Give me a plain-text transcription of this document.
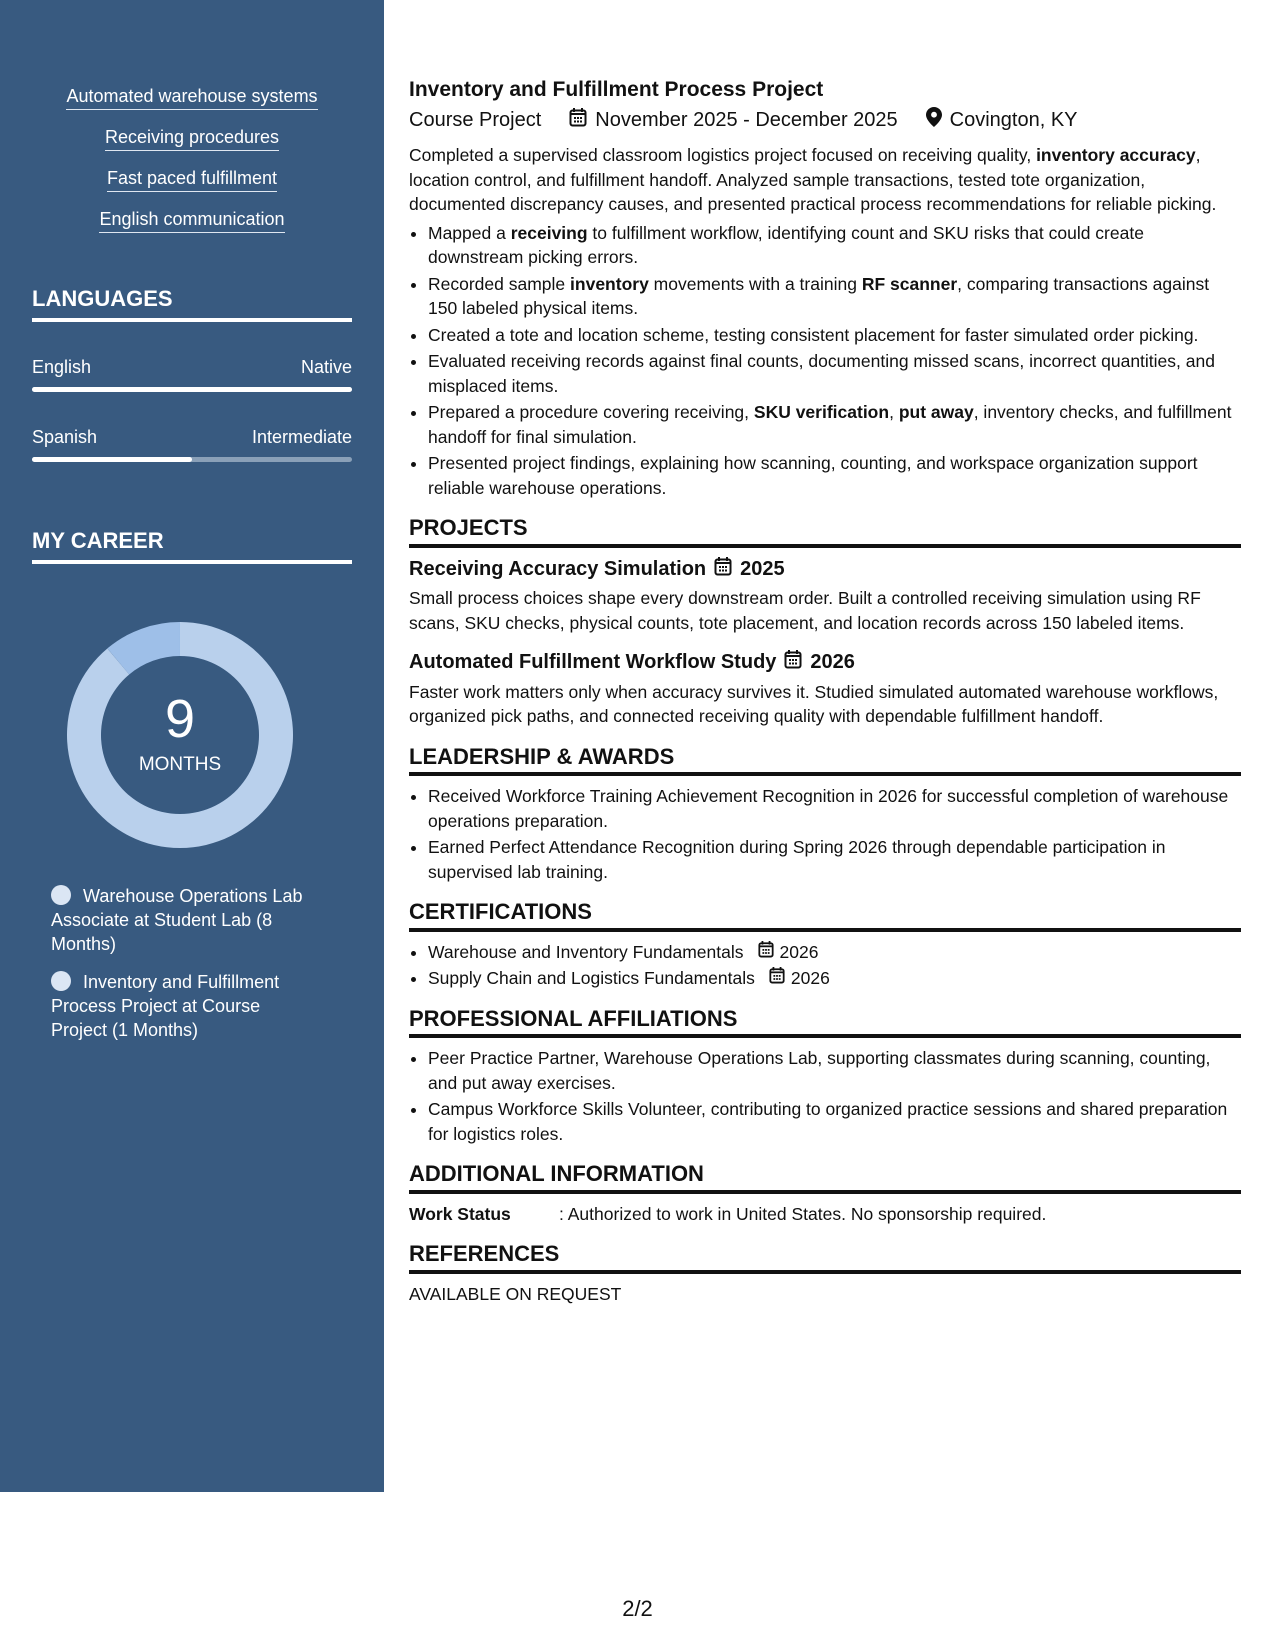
Automated warehouse systems
Receiving procedures
Fast paced fulfillment
English communication
LANGUAGES
English	Native
Spanish	Intermediate
MY CAREER
9
MONTHS
Warehouse Operations Lab Associate at Student Lab (8 Months)
Inventory and Fulfillment Process Project at Course Project (1 Months)
Inventory and Fulfillment Process Project
Course Project	November 2025 - December 2025	Covington, KY

Completed a supervised classroom logistics project focused on receiving quality, inventory accuracy, location control, and fulfillment handoff. Analyzed sample transactions, tested tote organization, documented discrepancy causes, and presented practical process recommendations for reliable picking.

• Mapped a receiving to fulfillment workflow, identifying count and SKU risks that could create downstream picking errors.
• Recorded sample inventory movements with a training RF scanner, comparing transactions against 150 labeled physical items.
• Created a tote and location scheme, testing consistent placement for faster simulated order picking.
• Evaluated receiving records against final counts, documenting missed scans, incorrect quantities, and misplaced items.
• Prepared a procedure covering receiving, SKU verification, put away, inventory checks, and fulfillment handoff for final simulation.
• Presented project findings, explaining how scanning, counting, and workspace organization support reliable warehouse operations.
PROJECTS
Receiving Accuracy Simulation 2025

Small process choices shape every downstream order. Built a controlled receiving simulation using RF scans, SKU checks, physical counts, tote placement, and location records across 150 labeled items.

Automated Fulfillment Workflow Study 2026

Faster work matters only when accuracy survives it. Studied simulated automated warehouse workflows, organized pick paths, and connected receiving quality with dependable fulfillment handoff.

LEADERSHIP & AWARDS
• Received Workforce Training Achievement Recognition in 2026 for successful completion of warehouse operations preparation.
• Earned Perfect Attendance Recognition during Spring 2026 through dependable participation in supervised lab training.
CERTIFICATIONS
• Warehouse and Inventory Fundamentals 2026
• Supply Chain and Logistics Fundamentals 2026
PROFESSIONAL AFFILIATIONS
• Peer Practice Partner, Warehouse Operations Lab, supporting classmates during scanning, counting, and put away exercises.
• Campus Workforce Skills Volunteer, contributing to organized practice sessions and shared preparation for logistics roles.
ADDITIONAL INFORMATION
Work Status	: Authorized to work in United States. No sponsorship required.
REFERENCES
AVAILABLE ON REQUEST
2/2
